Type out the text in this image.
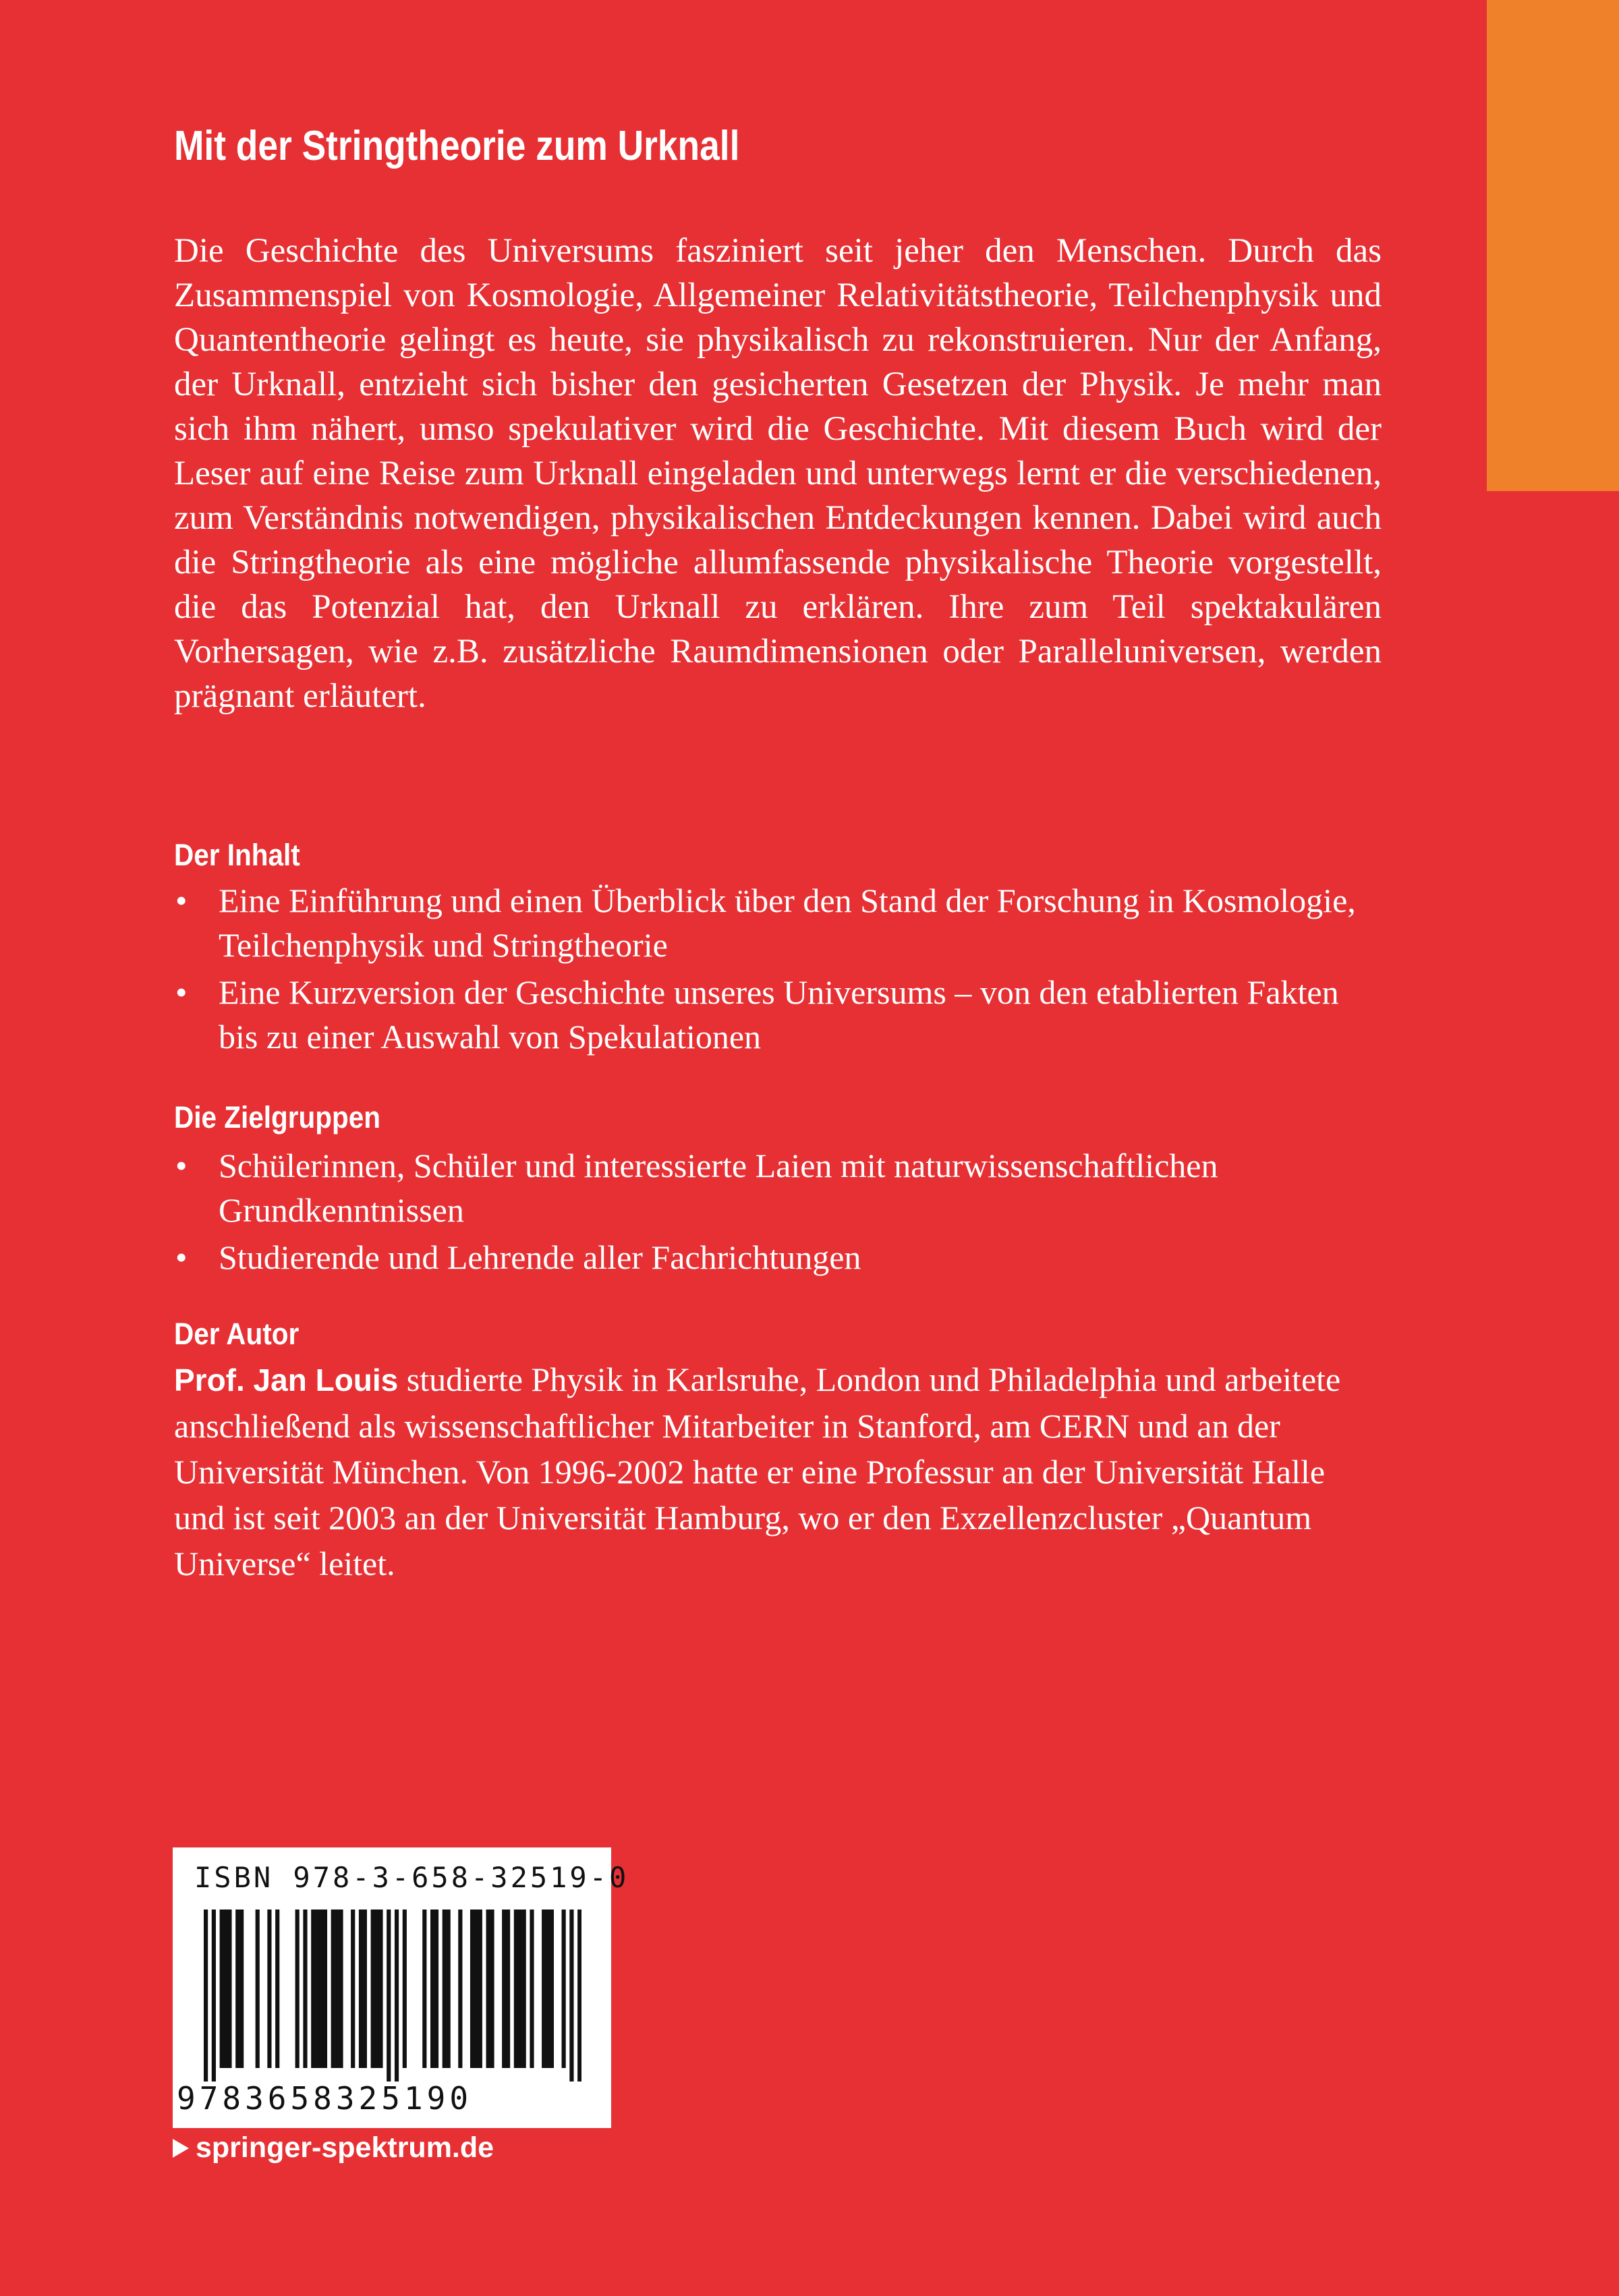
Mit der Stringtheorie zum Urknall

Die Geschichte des Universums fasziniert seit jeher den Menschen. Durch das Zusammenspiel von Kosmologie, Allgemeiner Relativitätstheorie, Teilchenphysik und Quantentheorie gelingt es heute, sie physikalisch zu rekonstruieren. Nur der Anfang, der Urknall, entzieht sich bisher den gesicherten Gesetzen der Physik. Je mehr man sich ihm nähert, umso spekulativer wird die Geschichte. Mit diesem Buch wird der Leser auf eine Reise zum Urknall eingeladen und unterwegs lernt er die verschiedenen, zum Verständnis notwendigen, physikalischen Entdeckungen kennen. Dabei wird auch die Stringtheorie als eine mögliche allumfassende physikalische Theorie vorgestellt, die das Potenzial hat, den Urknall zu erklären. Ihre zum Teil spektakulären Vorhersagen, wie z.B. zusätzliche Raumdimensionen oder Paralleluniversen, werden prägnant erläutert.

Der Inhalt
• Eine Einführung und einen Überblick über den Stand der Forschung in Kosmologie, Teilchenphysik und Stringtheorie
• Eine Kurzversion der Geschichte unseres Universums – von den etablierten Fakten bis zu einer Auswahl von Spekulationen
Die Zielgruppen
• Schülerinnen, Schüler und interessierte Laien mit naturwissenschaftlichen Grundkenntnissen
• Studierende und Lehrende aller Fachrichtungen
Der Autor

Prof. Jan Louis studierte Physik in Karlsruhe, London und Philadelphia und arbeitete anschließend als wissenschaftlicher Mitarbeiter in Stanford, am CERN und an der Universität München. Von 1996-2002 hatte er eine Professur an der Universität Halle und ist seit 2003 an der Universität Hamburg, wo er den Exzellenzcluster „Quantum Universe“ leitet.

ISBN 978-3-658-32519-0
9783658325190
springer-spektrum.de
